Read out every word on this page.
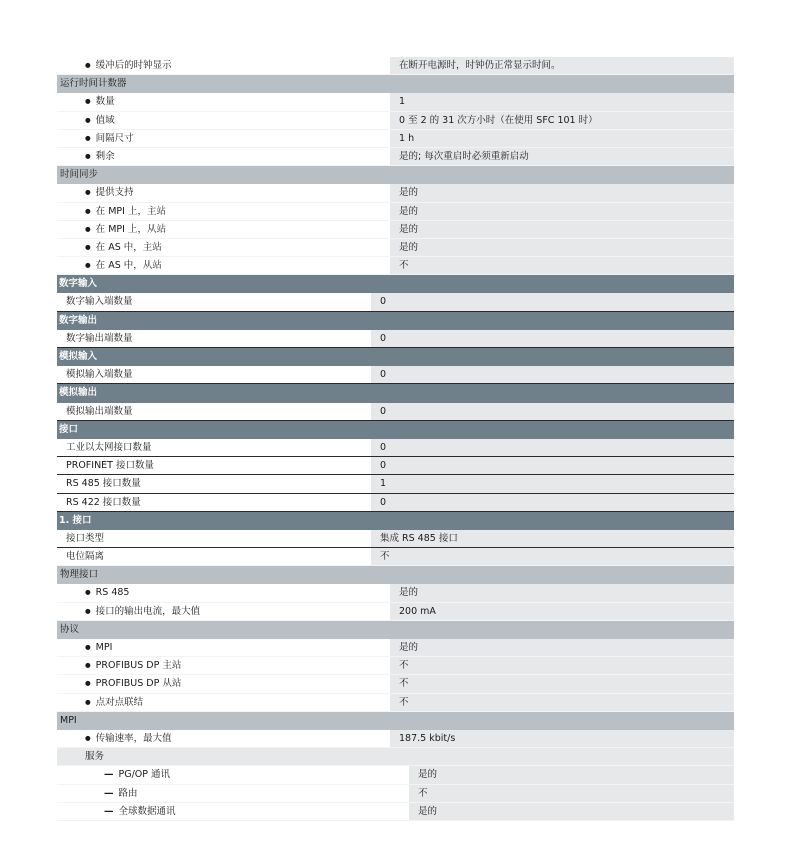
● 缓冲后的时钟显示	在断开电源时，时钟仍正常显示时间。
运行时间计数器
● 数量	1
● 值域	0 至 2 的 31 次方小时（在使用 SFC 101 时）
● 间隔尺寸	1 h
● 剩余	是的; 每次重启时必须重新启动
时间同步
● 提供支持	是的
● 在 MPI 上，主站	是的
● 在 MPI 上，从站	是的
● 在 AS 中，主站	是的
● 在 AS 中，从站	不
数字输入
数字输入端数量	0
数字输出
数字输出端数量	0
模拟输入
模拟输入端数量	0
模拟输出
模拟输出端数量	0
接口
工业以太网接口数量	0
PROFINET 接口数量	0
RS 485 接口数量	1
RS 422 接口数量	0
1. 接口
接口类型	集成 RS 485 接口
电位隔离	不
物理接口
● RS 485	是的
● 接口的输出电流，最大值	200 mA
协议
● MPI	是的
● PROFIBUS DP 主站	不
● PROFIBUS DP 从站	不
● 点对点联结	不
MPI
● 传输速率，最大值	187.5 kbit/s
服务
— PG/OP 通讯	是的
— 路由	不
— 全球数据通讯	是的
